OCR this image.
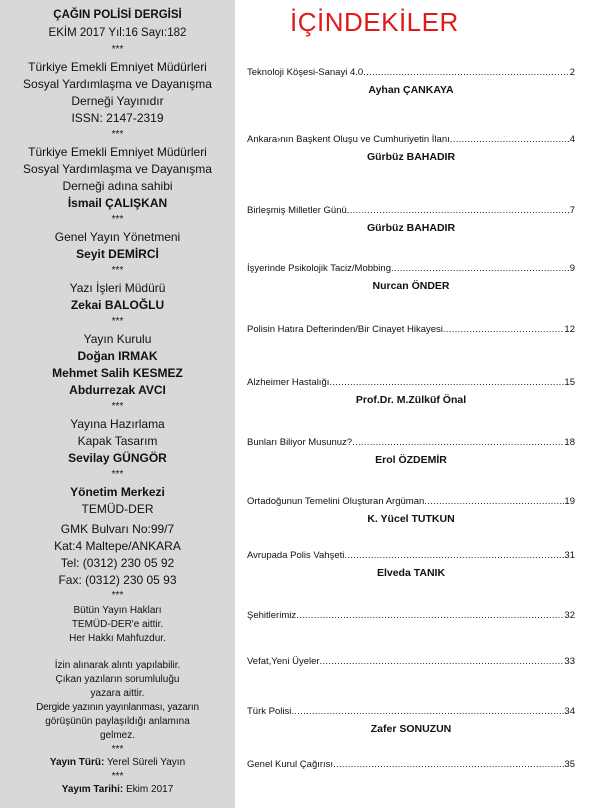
ÇAĞIN POLİSİ DERGİSİ
EKİM 2017 Yıl:16 Sayı:182
***
Türkiye Emekli Emniyet Müdürleri
Sosyal Yardımlaşma ve Dayanışma
Derneği Yayınıdır
ISSN: 2147-2319
***
Türkiye Emekli Emniyet Müdürleri
Sosyal Yardımlaşma ve Dayanışma
Derneği adına sahibi
İsmail ÇALIŞKAN
***
Genel Yayın Yönetmeni
Seyit DEMİRCİ
***
Yazı İşleri Müdürü
Zekai BALOĞLU
***
Yayın Kurulu
Doğan IRMAK
Mehmet Salih KESMEZ
Abdurrezak AVCI
***
Yayına Hazırlama
Kapak Tasarım
Sevilay GÜNGÖR
***
Yönetim Merkezi
TEMÜD-DER
GMK Bulvarı No:99/7
Kat:4 Maltepe/ANKARA
Tel: (0312) 230 05 92
Fax: (0312) 230 05 93
***
Bütün Yayın Hakları
TEMÜD-DER'e aittir.
Her Hakkı Mahfuzdur.
İzin alınarak alıntı yapılabilir.
Çıkan yazıların sorumluluğu
yazara aittir.
Dergide yazının yayınlanması, yazarın
görüşünün paylaşıldığı anlamına
gelmez.
***
Yayın Türü: Yerel Süreli Yayın
***
Yayım Tarihi: Ekim 2017
İÇİNDEKİLER
Teknoloji Köşesi-Sanayi 4.0 .....	2
Ayhan ÇANKAYA
Ankara›nın Başkent Oluşu ve Cumhuriyetin İlanı .....	4
Gürbüz BAHADIR
Birleşmiş Milletler Günü .....	7
Gürbüz BAHADIR
İşyerinde Psikolojik Taciz/Mobbing .....	9
Nurcan ÖNDER
Polisin Hatıra Defterinden/Bir Cinayet Hikayesi .....	12
Alzheimer Hastalığı .....	15
Prof.Dr. M.Zülküf Önal
Bunları Biliyor Musunuz? .....	18
Erol ÖZDEMİR
Ortadoğunun Temelini Oluşturan Argüman .....	19
K. Yücel TUTKUN
Avrupada Polis Vahşeti .....	31
Elveda TANIK
Şehitlerimiz .....	32
Vefat,Yeni Üyeler .....	33
Türk Polisi .....	34
Zafer SONUZUN
Genel Kurul Çağırısı .....	35
